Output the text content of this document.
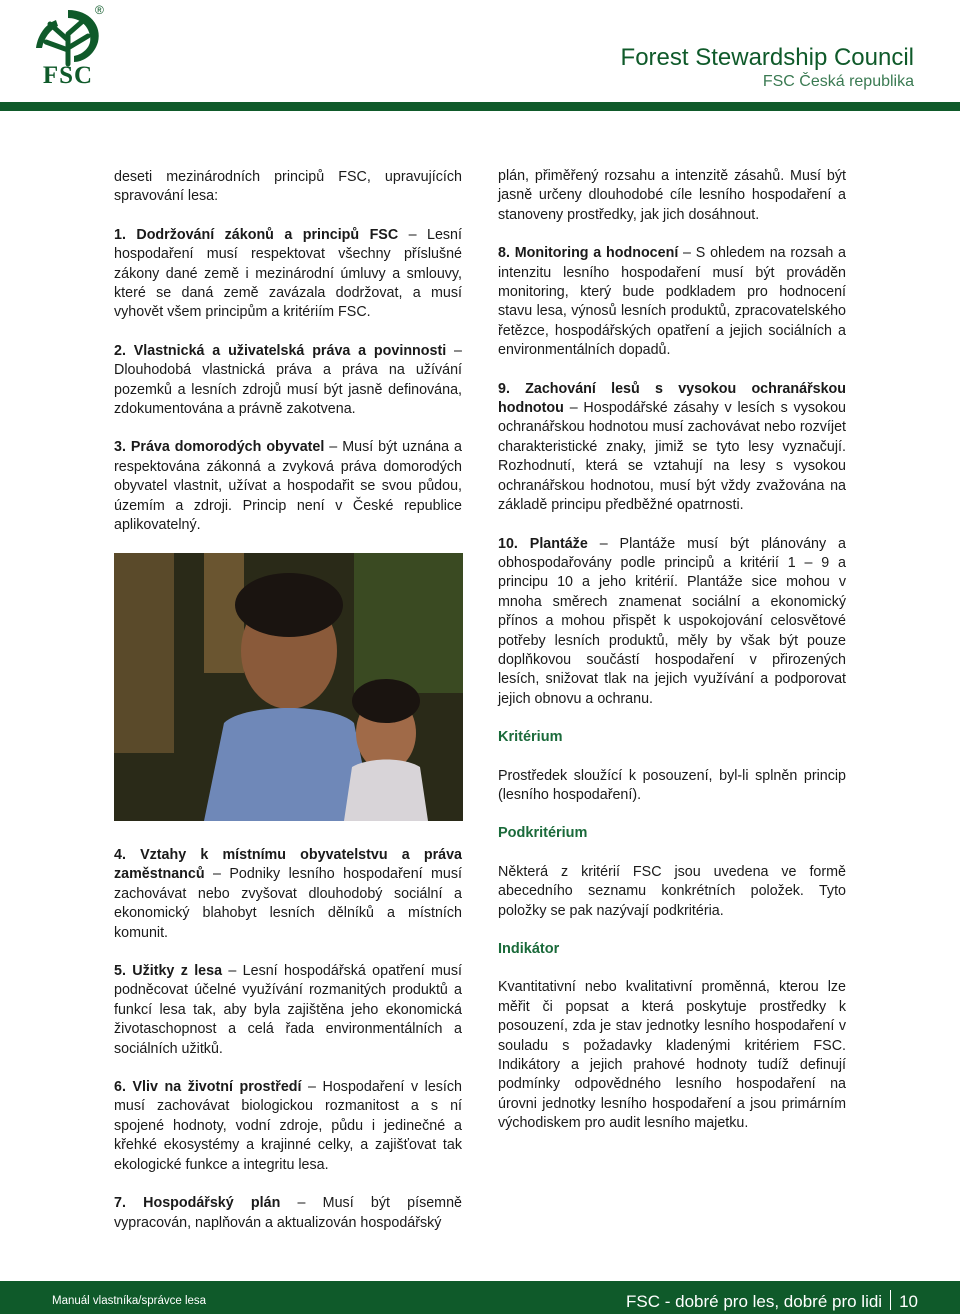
FSC
®
Forest Stewardship Council
FSC Česká republika

deseti mezinárodních principů FSC, upravujících spravování lesa:

1. Dodržování zákonů a principů FSC – Lesní hospodaření musí respektovat všechny příslušné zákony dané země i mezinárodní úmluvy a smlouvy, které se daná země zavázala dodržovat, a musí vyhovět všem principům a kritériím FSC.

2. Vlastnická a uživatelská práva a povinnosti – Dlouhodobá vlastnická práva a práva na užívání pozemků a lesních zdrojů musí být jasně definována, zdokumentována a právně zakotvena.

3. Práva domorodých obyvatel – Musí být uznána a respektována zákonná a zvyková práva domorodých obyvatel vlastnit, užívat a hospodařit se svou půdou, územím a zdroji. Princip není v České republice aplikovatelný.

4. Vztahy k místnímu obyvatelstvu a práva zaměstnanců – Podniky lesního hospodaření musí zachovávat nebo zvyšovat dlouhodobý sociální a ekonomický blahobyt lesních dělníků a místních komunit.

5. Užitky z lesa – Lesní hospodářská opatření musí podněcovat účelné využívání rozmanitých produktů a funkcí lesa tak, aby byla zajištěna jeho ekonomická životaschopnost a celá řada environmentálních a sociálních užitků.

6. Vliv na životní prostředí – Hospodaření v lesích musí zachovávat biologickou rozmanitost a s ní spojené hodnoty, vodní zdroje, půdu i jedinečné a křehké ekosystémy a krajinné celky, a zajišťovat tak ekologické funkce a integritu lesa.

7. Hospodářský plán – Musí být písemně vypracován, naplňován a aktualizován hospodářský

plán, přiměřený rozsahu a intenzitě zásahů. Musí být jasně určeny dlouhodobé cíle lesního hospodaření a stanoveny prostředky, jak jich dosáhnout.

8. Monitoring a hodnocení – S ohledem na rozsah a intenzitu lesního hospodaření musí být prováděn monitoring, který bude podkladem pro hodnocení stavu lesa, výnosů lesních produktů, zpracovatelského řetězce, hospodářských opatření a jejich sociálních a environmentálních dopadů.

9. Zachování lesů s vysokou ochranářskou hodnotou – Hospodářské zásahy v lesích s vysokou ochranářskou hodnotou musí zachovávat nebo rozvíjet charakteristické znaky, jimiž se tyto lesy vyznačují. Rozhodnutí, která se vztahují na lesy s vysokou ochranářskou hodnotou, musí být vždy zvažována na základě principu předběžné opatrnosti.

10. Plantáže – Plantáže musí být plánovány a obhospodařovány podle principů a kritérií 1 – 9 a principu 10 a jeho kritérií. Plantáže sice mohou v mnoha směrech znamenat sociální a ekonomický přínos a mohou přispět k uspokojování celosvětové potřeby lesních produktů, měly by však být pouze doplňkovou součástí hospodaření v přirozených lesích, snižovat tlak na jejich využívání a podporovat jejich obnovu a ochranu.

Kritérium

Prostředek sloužící k posouzení, byl-li splněn princip (lesního hospodaření).

Podkritérium

Některá z kritérií FSC jsou uvedena ve formě abecedního seznamu konkrétních položek. Tyto položky se pak nazývají podkritéria.

Indikátor

Kvantitativní nebo kvalitativní proměnná, kterou lze měřit či popsat a která poskytuje prostředky k posouzení, zda je stav jednotky lesního hospodaření v souladu s požadavky kladenými kritériem FSC. Indikátory a jejich prahové hodnoty tudíž definují podmínky odpovědného lesního hospodaření na úrovni jednotky lesního hospodaření a jsou primárním východiskem pro audit lesního majetku.

Manuál vlastníka/správce lesa	FSC - dobré pro les, dobré pro lidi 10
